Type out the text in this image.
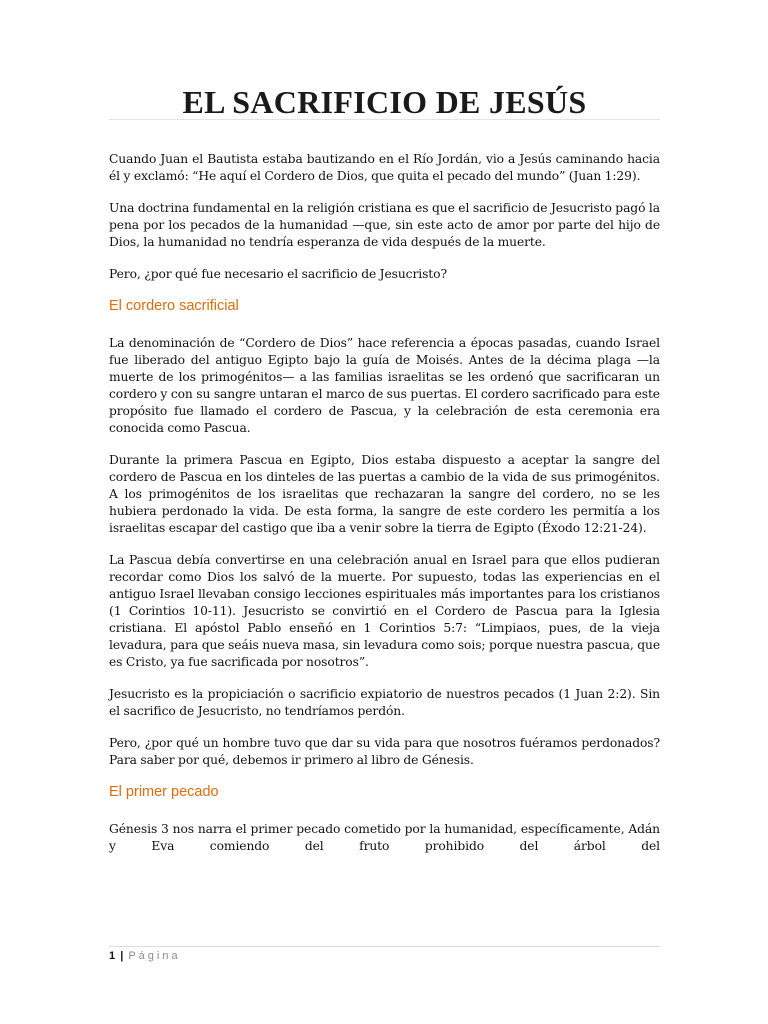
EL SACRIFICIO DE JESÚS

Cuando Juan el Bautista estaba bautizando en el Río Jordán, vio a Jesús caminando hacia él y exclamó: “He aquí el Cordero de Dios, que quita el pecado del mundo” (Juan 1:29).

Una doctrina fundamental en la religión cristiana es que el sacrificio de Jesucristo pagó la pena por los pecados de la humanidad —que, sin este acto de amor por parte del hijo de Dios, la humanidad no tendría esperanza de vida después de la muerte.

Pero, ¿por qué fue necesario el sacrificio de Jesucristo?

El cordero sacrificial

La denominación de “Cordero de Dios” hace referencia a épocas pasadas, cuando Israel fue liberado del antiguo Egipto bajo la guía de Moisés. Antes de la décima plaga —la muerte de los primogénitos— a las familias israelitas se les ordenó que sacrificaran un cordero y con su sangre untaran el marco de sus puertas. El cordero sacrificado para este propósito fue llamado el cordero de Pascua, y la celebración de esta ceremonia era conocida como Pascua.

Durante la primera Pascua en Egipto, Dios estaba dispuesto a aceptar la sangre del cordero de Pascua en los dinteles de las puertas a cambio de la vida de sus primogénitos. A los primogénitos de los israelitas que rechazaran la sangre del cordero, no se les hubiera perdonado la vida. De esta forma, la sangre de este cordero les permitía a los israelitas escapar del castigo que iba a venir sobre la tierra de Egipto (Éxodo 12:21-24).

La Pascua debía convertirse en una celebración anual en Israel para que ellos pudieran recordar como Dios los salvó de la muerte. Por supuesto, todas las experiencias en el antiguo Israel llevaban consigo lecciones espirituales más importantes para los cristianos (1 Corintios 10-11). Jesucristo se convirtió en el Cordero de Pascua para la Iglesia cristiana. El apóstol Pablo enseñó en 1 Corintios 5:7: “Limpiaos, pues, de la vieja levadura, para que seáis nueva masa, sin levadura como sois; porque nuestra pascua, que es Cristo, ya fue sacrificada por nosotros”.

Jesucristo es la propiciación o sacrificio expiatorio de nuestros pecados (1 Juan 2:2). Sin el sacrifico de Jesucristo, no tendríamos perdón.

Pero, ¿por qué un hombre tuvo que dar su vida para que nosotros fuéramos perdonados? Para saber por qué, debemos ir primero al libro de Génesis.

El primer pecado

Génesis 3 nos narra el primer pecado cometido por la humanidad, específicamente, Adán y Eva comiendo del fruto prohibido del árbol del

1 | Página
